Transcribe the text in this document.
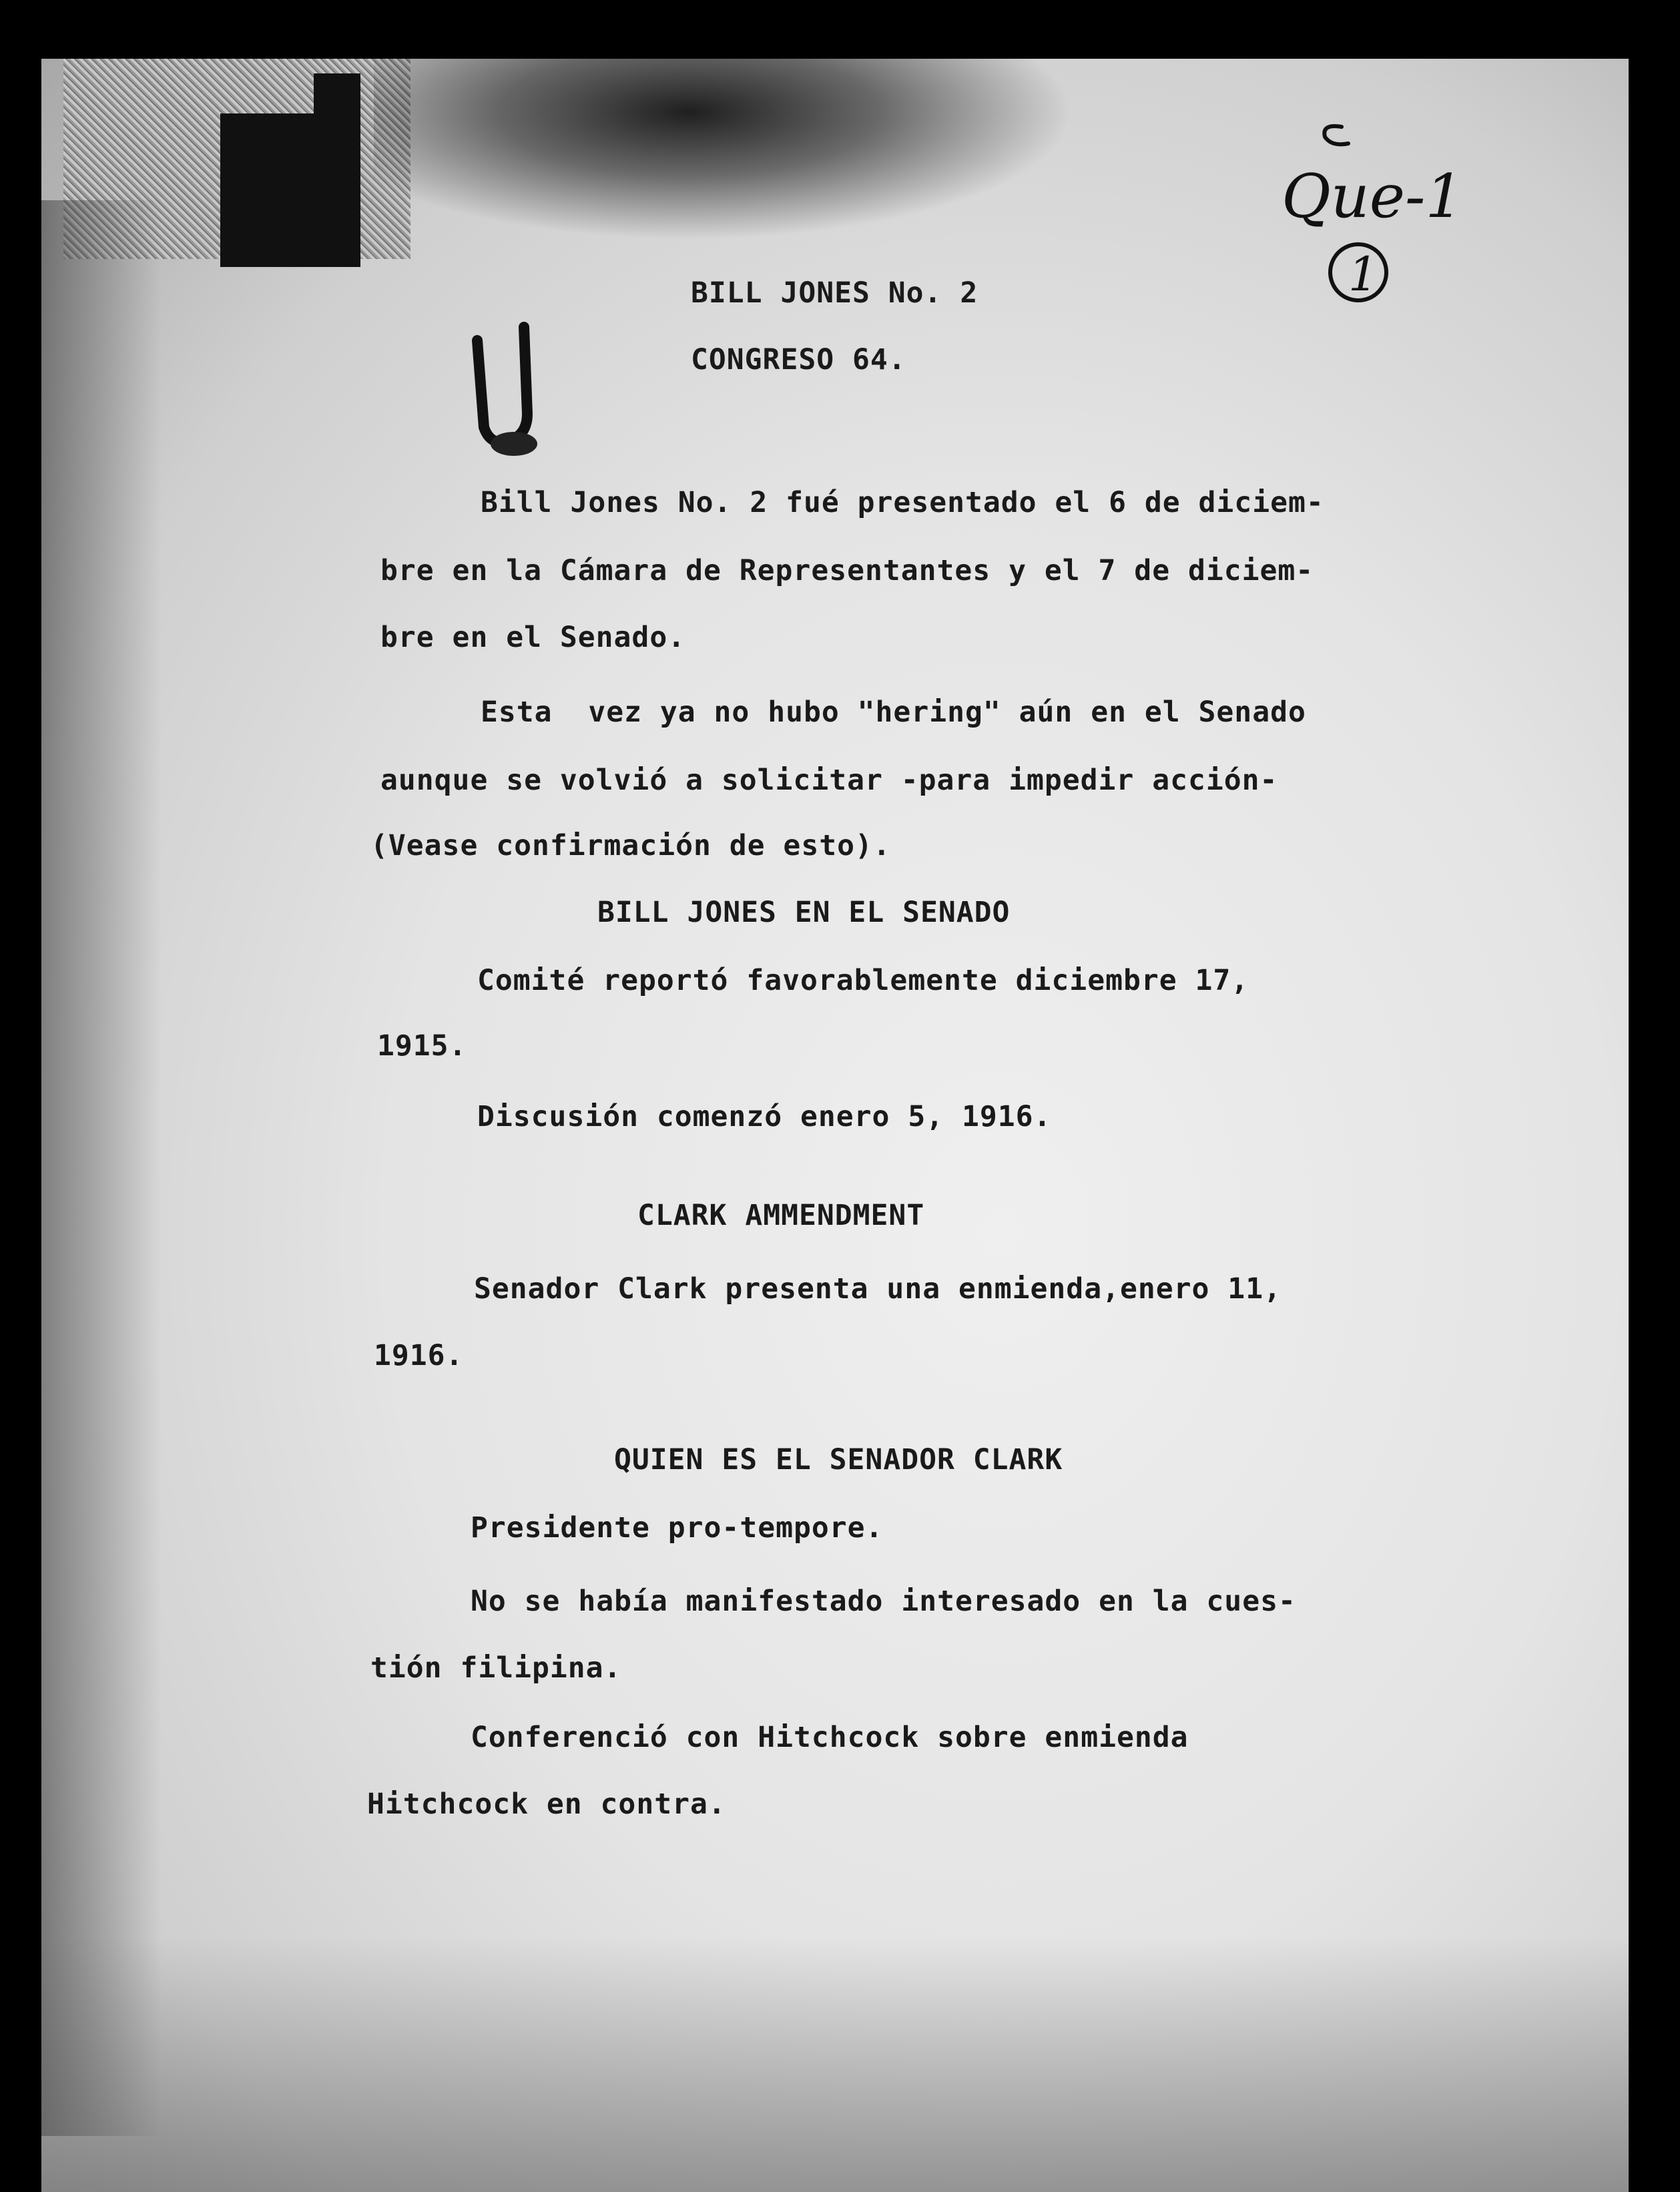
Que-1
1
BILL JONES No. 2
CONGRESO 64.
Bill Jones No. 2 fué presentado el 6 de diciem-
bre en la Cámara de Representantes y el 7 de diciem-
bre en el Senado.
Esta  vez ya no hubo "hering" aún en el Senado
aunque se volvió a solicitar -para impedir acción-
(Vease confirmación de esto).
BILL JONES EN EL SENADO
Comité reportó favorablemente diciembre 17,
1915.
Discusión comenzó enero 5, 1916.
CLARK AMMENDMENT
Senador Clark presenta una enmienda,enero 11,
1916.
QUIEN ES EL SENADOR CLARK
Presidente pro-tempore.
No se había manifestado interesado en la cues-
tión filipina.
Conferenció con Hitchcock sobre enmienda
Hitchcock en contra.
